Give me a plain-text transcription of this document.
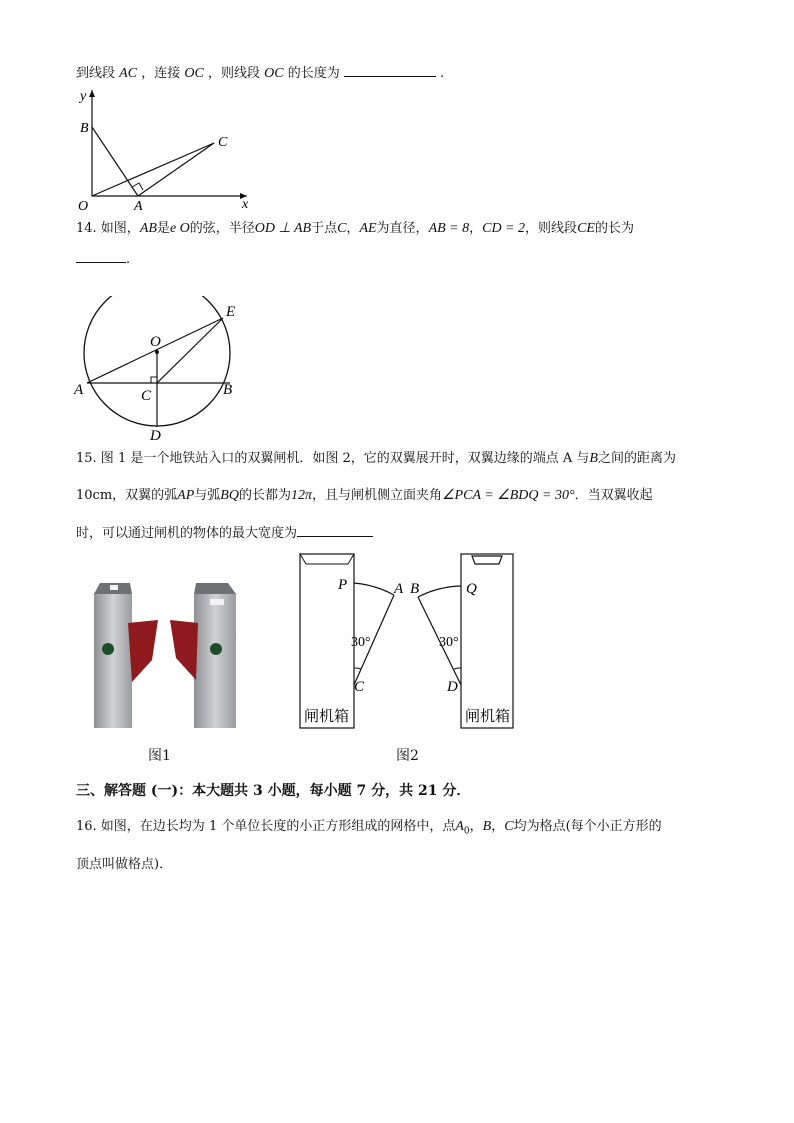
到线段 AC ，连接 OC ，则线段 OC 的长度为	.
y
x
O	A
B
C
14. 如图，AB是e O的弦，半径OD ⊥ AB于点C，AE为直径，AB = 8，CD = 2，则线段CE的长为
.
E
O
A	C	B
D
15. 图 1 是一个地铁站入口的双翼闸机．如图 2，它的双翼展开时，双翼边缘的端点 A 与B之间的距离为
10cm，双翼的弧AP与弧BQ的长都为12π，且与闸机侧立面夹角∠PCA = ∠BDQ = 30°．当双翼收起
时，可以通过闸机的物体的最大宽度为
图1
P	A B	Q
30°	30°
C	D
闸机箱	闸机箱
图2
三、解答题 (一)：本大题共 3 小题，每小题 7 分，共 21 分．
16. 如图，在边长均为 1 个单位长度的小正方形组成的网格中，点$A_0$，B，C均为格点(每个小正方形的
顶点叫做格点)．
